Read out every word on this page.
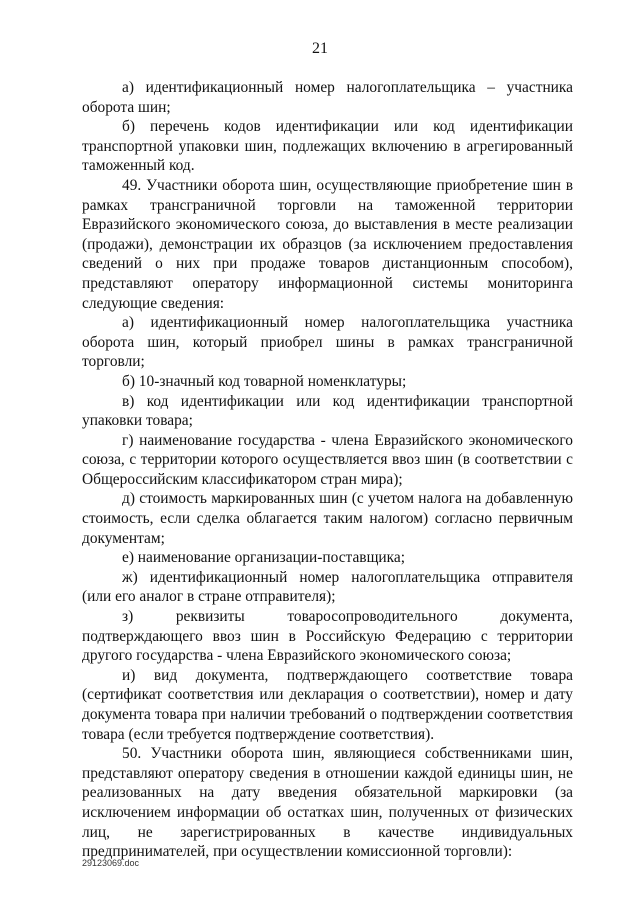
21

а) идентификационный номер налогоплательщика – участника оборота шин;

б) перечень кодов идентификации или код идентификации транспортной упаковки шин, подлежащих включению в агрегированный таможенный код.

49. Участники оборота шин, осуществляющие приобретение шин в рамках трансграничной торговли на таможенной территории Евразийского экономического союза, до выставления в месте реализации (продажи), демонстрации их образцов (за исключением предоставления сведений о них при продаже товаров дистанционным способом), представляют оператору информационной системы мониторинга следующие сведения:

а) идентификационный номер налогоплательщика участника оборота шин, который приобрел шины в рамках трансграничной торговли;

б) 10-значный код товарной номенклатуры;

в) код идентификации или код идентификации транспортной упаковки товара;

г) наименование государства - члена Евразийского экономического союза, с территории которого осуществляется ввоз шин (в соответствии с Общероссийским классификатором стран мира);

д) стоимость маркированных шин (с учетом налога на добавленную стоимость, если сделка облагается таким налогом) согласно первичным документам;

е) наименование организации-поставщика;

ж) идентификационный номер налогоплательщика отправителя (или его аналог в стране отправителя);

з) реквизиты товаросопроводительного документа, подтверждающего ввоз шин в Российскую Федерацию с территории другого государства - члена Евразийского экономического союза;

и) вид документа, подтверждающего соответствие товара (сертификат соответствия или декларация о соответствии), номер и дату документа товара при наличии требований о подтверждении соответствия товара (если требуется подтверждение соответствия).

50. Участники оборота шин, являющиеся собственниками шин, представляют оператору сведения в отношении каждой единицы шин, не реализованных на дату введения обязательной маркировки (за исключением информации об остатках шин, полученных от физических лиц, не зарегистрированных в качестве индивидуальных предпринимателей, при осуществлении комиссионной торговли):

29123069.doc
